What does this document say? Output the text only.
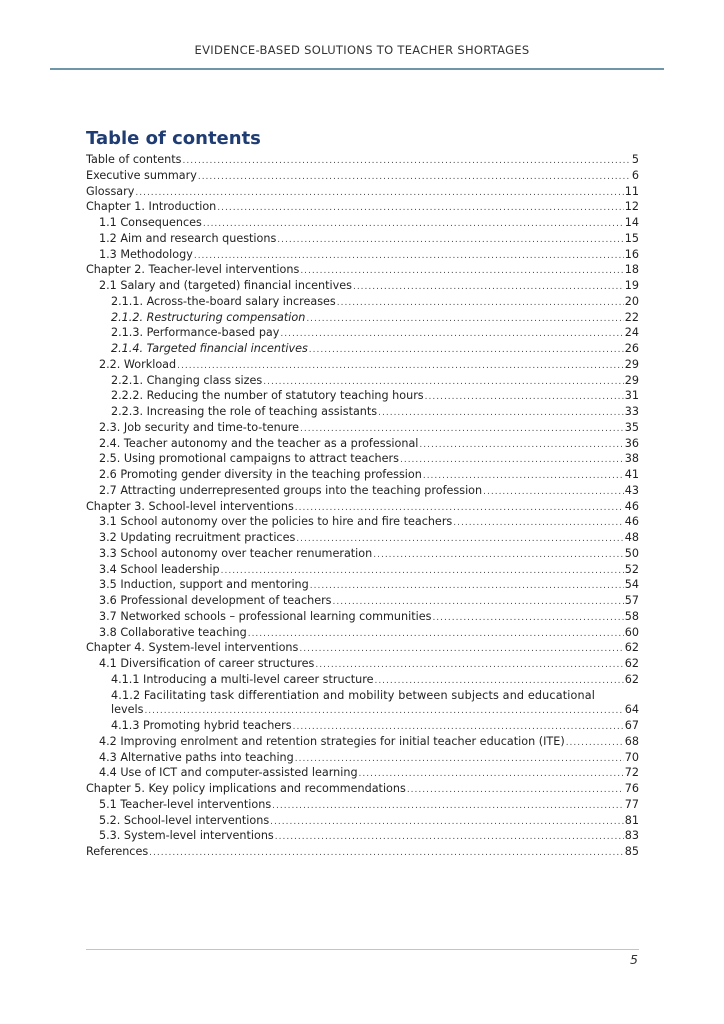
EVIDENCE-BASED SOLUTIONS TO TEACHER SHORTAGES
Table of contents
Table of contents .....	5
Executive summary .....	6
Glossary .....	11
Chapter 1. Introduction .....	12
1.1 Consequences .....	14
1.2 Aim and research questions .....	15
1.3 Methodology .....	16
Chapter 2. Teacher-level interventions .....	18
2.1 Salary and (targeted) financial incentives .....	19
2.1.1. Across-the-board salary increases .....	20
2.1.2. Restructuring compensation .....	22
2.1.3. Performance-based pay .....	24
2.1.4. Targeted financial incentives .....	26
2.2. Workload .....	29
2.2.1. Changing class sizes .....	29
2.2.2. Reducing the number of statutory teaching hours .....	31
2.2.3. Increasing the role of teaching assistants .....	33
2.3. Job security and time-to-tenure .....	35
2.4. Teacher autonomy and the teacher as a professional .....	36
2.5. Using promotional campaigns to attract teachers .....	38
2.6 Promoting gender diversity in the teaching profession .....	41
2.7 Attracting underrepresented groups into the teaching profession .....	43
Chapter 3. School-level interventions .....	46
3.1 School autonomy over the policies to hire and fire teachers .....	46
3.2 Updating recruitment practices .....	48
3.3 School autonomy over teacher renumeration .....	50
3.4 School leadership .....	52
3.5 Induction, support and mentoring .....	54
3.6 Professional development of teachers .....	57
3.7 Networked schools – professional learning communities .....	58
3.8 Collaborative teaching .....	60
Chapter 4. System-level interventions .....	62
4.1 Diversification of career structures .....	62
4.1.1 Introducing a multi-level career structure .....	62
4.1.2 Facilitating task differentiation and mobility between subjects and educational
levels .....	64
4.1.3 Promoting hybrid teachers .....	67
4.2 Improving enrolment and retention strategies for initial teacher education (ITE) .....	68
4.3 Alternative paths into teaching .....	70
4.4 Use of ICT and computer-assisted learning .....	72
Chapter 5. Key policy implications and recommendations .....	76
5.1 Teacher-level interventions .....	77
5.2. School-level interventions .....	81
5.3. System-level interventions .....	83
References .....	85
5
